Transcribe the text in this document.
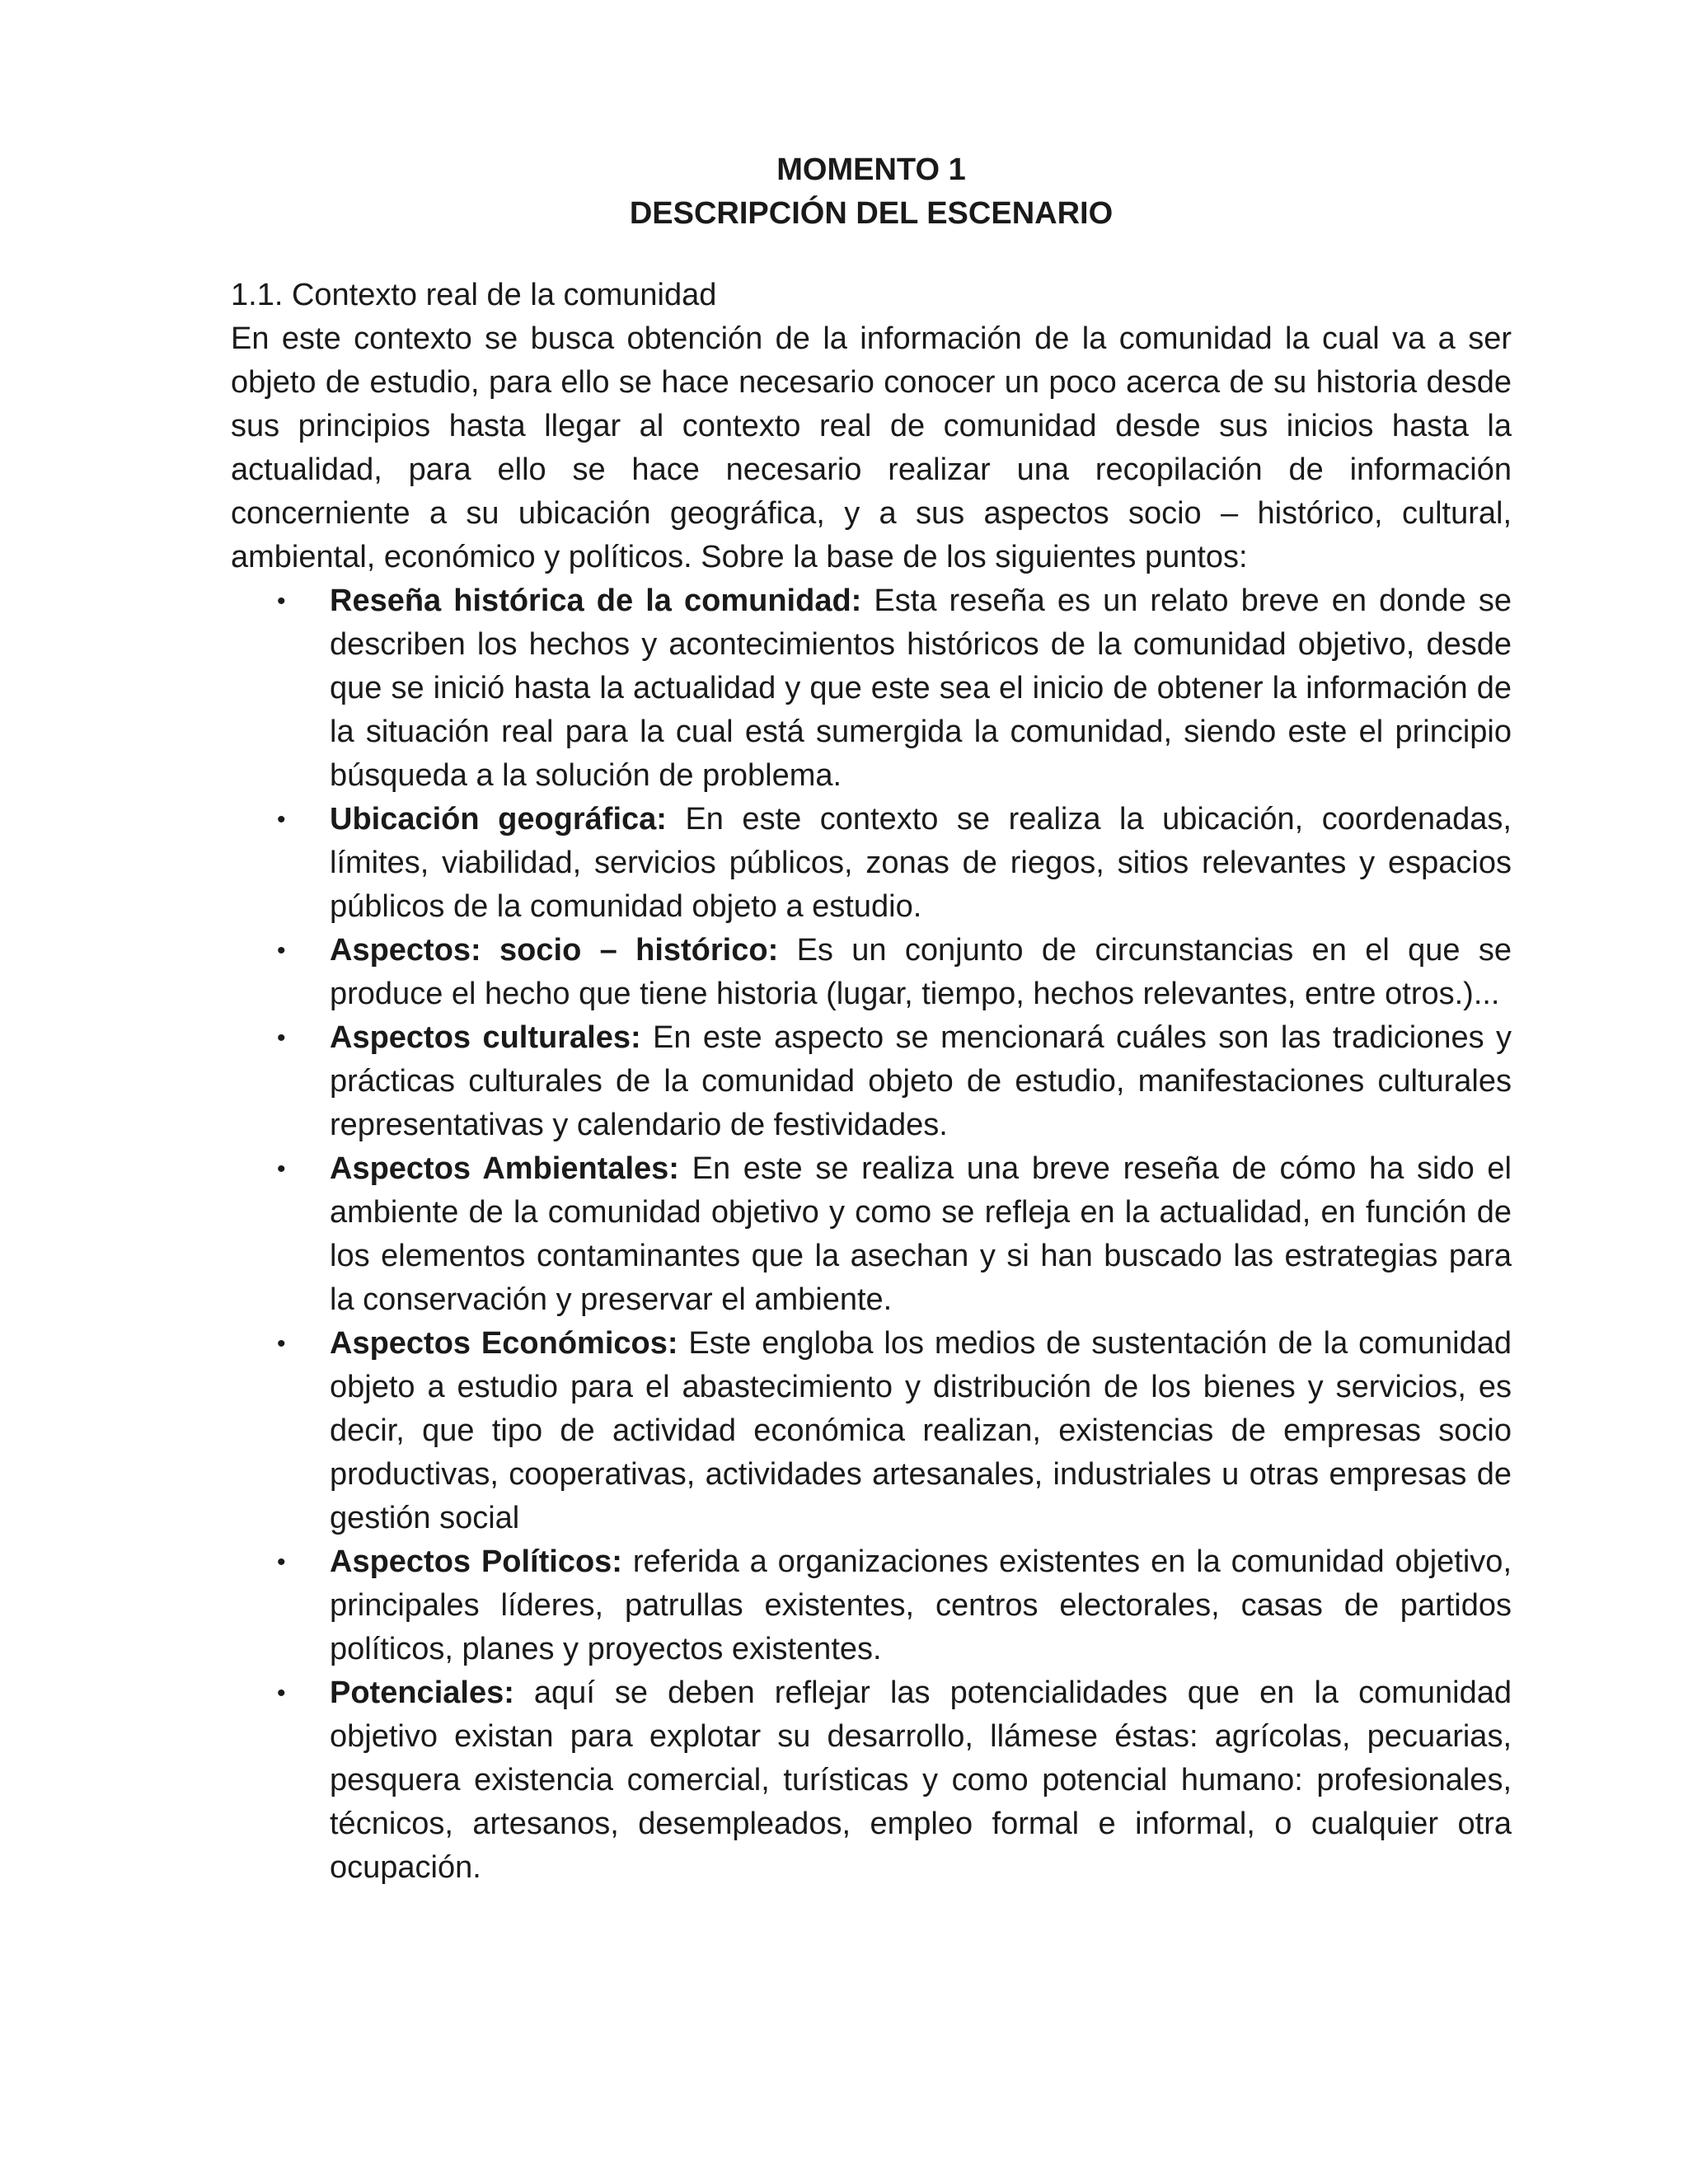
MOMENTO 1

DESCRIPCIÓN DEL ESCENARIO

1.1. Contexto real de la comunidad

En este contexto se busca obtención de la información de la comunidad la cual va a ser objeto de estudio, para ello se hace necesario conocer un poco acerca de su historia desde sus principios hasta llegar al contexto real de comunidad desde sus inicios hasta la actualidad, para ello se hace necesario realizar una recopilación de información concerniente a su ubicación geográfica, y a sus aspectos socio – histórico, cultural, ambiental, económico y políticos. Sobre la base de los siguientes puntos:

• Reseña histórica de la comunidad: Esta reseña es un relato breve en donde se describen los hechos y acontecimientos históricos de la comunidad objetivo, desde que se inició hasta la actualidad y que este sea el inicio de obtener la información de la situación real para la cual está sumergida la comunidad, siendo este el principio búsqueda a la solución de problema.
• Ubicación geográfica: En este contexto se realiza la ubicación, coordenadas, límites, viabilidad, servicios públicos, zonas de riegos, sitios relevantes y espacios públicos de la comunidad objeto a estudio.
• Aspectos: socio – histórico: Es un conjunto de circunstancias en el que se produce el hecho que tiene historia (lugar, tiempo, hechos relevantes, entre otros.)...
• Aspectos culturales: En este aspecto se mencionará cuáles son las tradiciones y prácticas culturales de la comunidad objeto de estudio, manifestaciones culturales representativas y calendario de festividades.
• Aspectos Ambientales: En este se realiza una breve reseña de cómo ha sido el ambiente de la comunidad objetivo y como se refleja en la actualidad, en función de los elementos contaminantes que la asechan y si han buscado las estrategias para la conservación y preservar el ambiente.
• Aspectos Económicos: Este engloba los medios de sustentación de la comunidad objeto a estudio para el abastecimiento y distribución de los bienes y servicios, es decir, que tipo de actividad económica realizan, existencias de empresas socio productivas, cooperativas, actividades artesanales, industriales u otras empresas de gestión social
• Aspectos Políticos: referida a organizaciones existentes en la comunidad objetivo, principales líderes, patrullas existentes, centros electorales, casas de partidos políticos, planes y proyectos existentes.
• Potenciales: aquí se deben reflejar las potencialidades que en la comunidad objetivo existan para explotar su desarrollo, llámese éstas: agrícolas, pecuarias, pesquera existencia comercial, turísticas y como potencial humano: profesionales, técnicos, artesanos, desempleados, empleo formal e informal, o cualquier otra ocupación.
